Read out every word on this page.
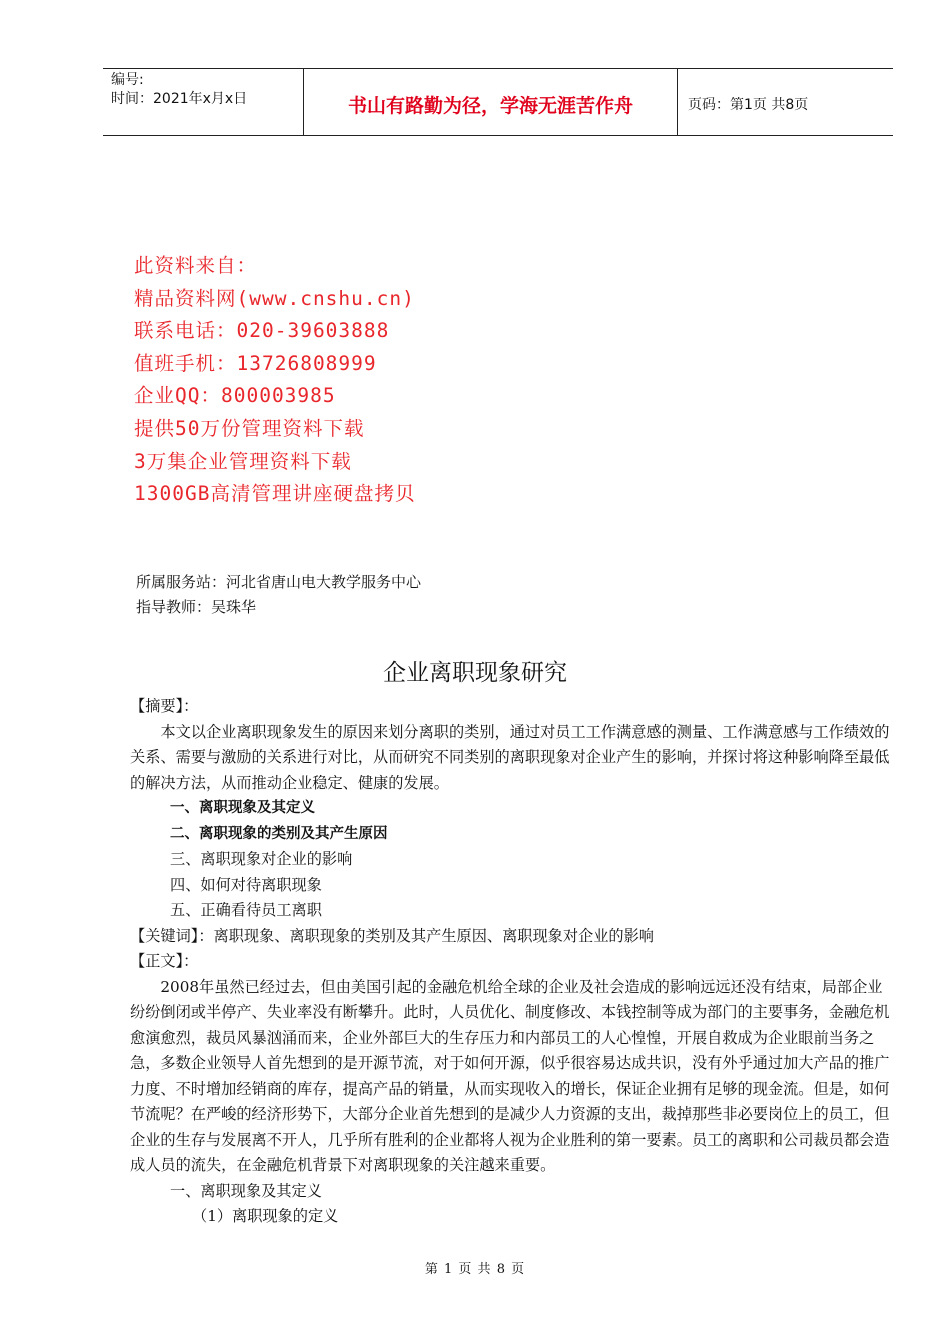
编号:
时间：2021年x月x日	书山有路勤为径，学海无涯苦作舟	页码：第1页 共8页
此资料来自：
精品资料网(www.cnshu.cn)
联系电话：020-39603888
值班手机：13726808999
企业QQ：800003985
提供50万份管理资料下载
3万集企业管理资料下载
1300GB高清管理讲座硬盘拷贝
所属服务站：河北省唐山电大教学服务中心
指导教师：吴珠华
企业离职现象研究

【摘要】：

本文以企业离职现象发生的原因来划分离职的类别，通过对员工工作满意感的测量、工作满意感与工作绩效的关系、需要与激励的关系进行对比，从而研究不同类别的离职现象对企业产生的影响，并探讨将这种影响降至最低的解决方法，从而推动企业稳定、健康的发展。

一、离职现象及其定义
二、离职现象的类别及其产生原因
三、离职现象对企业的影响
四、如何对待离职现象
五、正确看待员工离职

【关键词】：离职现象、离职现象的类别及其产生原因、离职现象对企业的影响

【正文】：

2008年虽然已经过去，但由美国引起的金融危机给全球的企业及社会造成的影响远远还没有结束，局部企业纷纷倒闭或半停产、失业率没有断攀升。此时，人员优化、制度修改、本钱控制等成为部门的主要事务，金融危机愈演愈烈，裁员风暴汹涌而来，企业外部巨大的生存压力和内部员工的人心惶惶，开展自救成为企业眼前当务之急，多数企业领导人首先想到的是开源节流，对于如何开源，似乎很容易达成共识，没有外乎通过加大产品的推广力度、不时增加经销商的库存，提高产品的销量，从而实现收入的增长，保证企业拥有足够的现金流。但是，如何节流呢？在严峻的经济形势下，大部分企业首先想到的是减少人力资源的支出，裁掉那些非必要岗位上的员工，但企业的生存与发展离不开人，几乎所有胜利的企业都将人视为企业胜利的第一要素。员工的离职和公司裁员都会造成人员的流失，在金融危机背景下对离职现象的关注越来重要。

一、离职现象及其定义
（1）离职现象的定义
第 1 页 共 8 页
